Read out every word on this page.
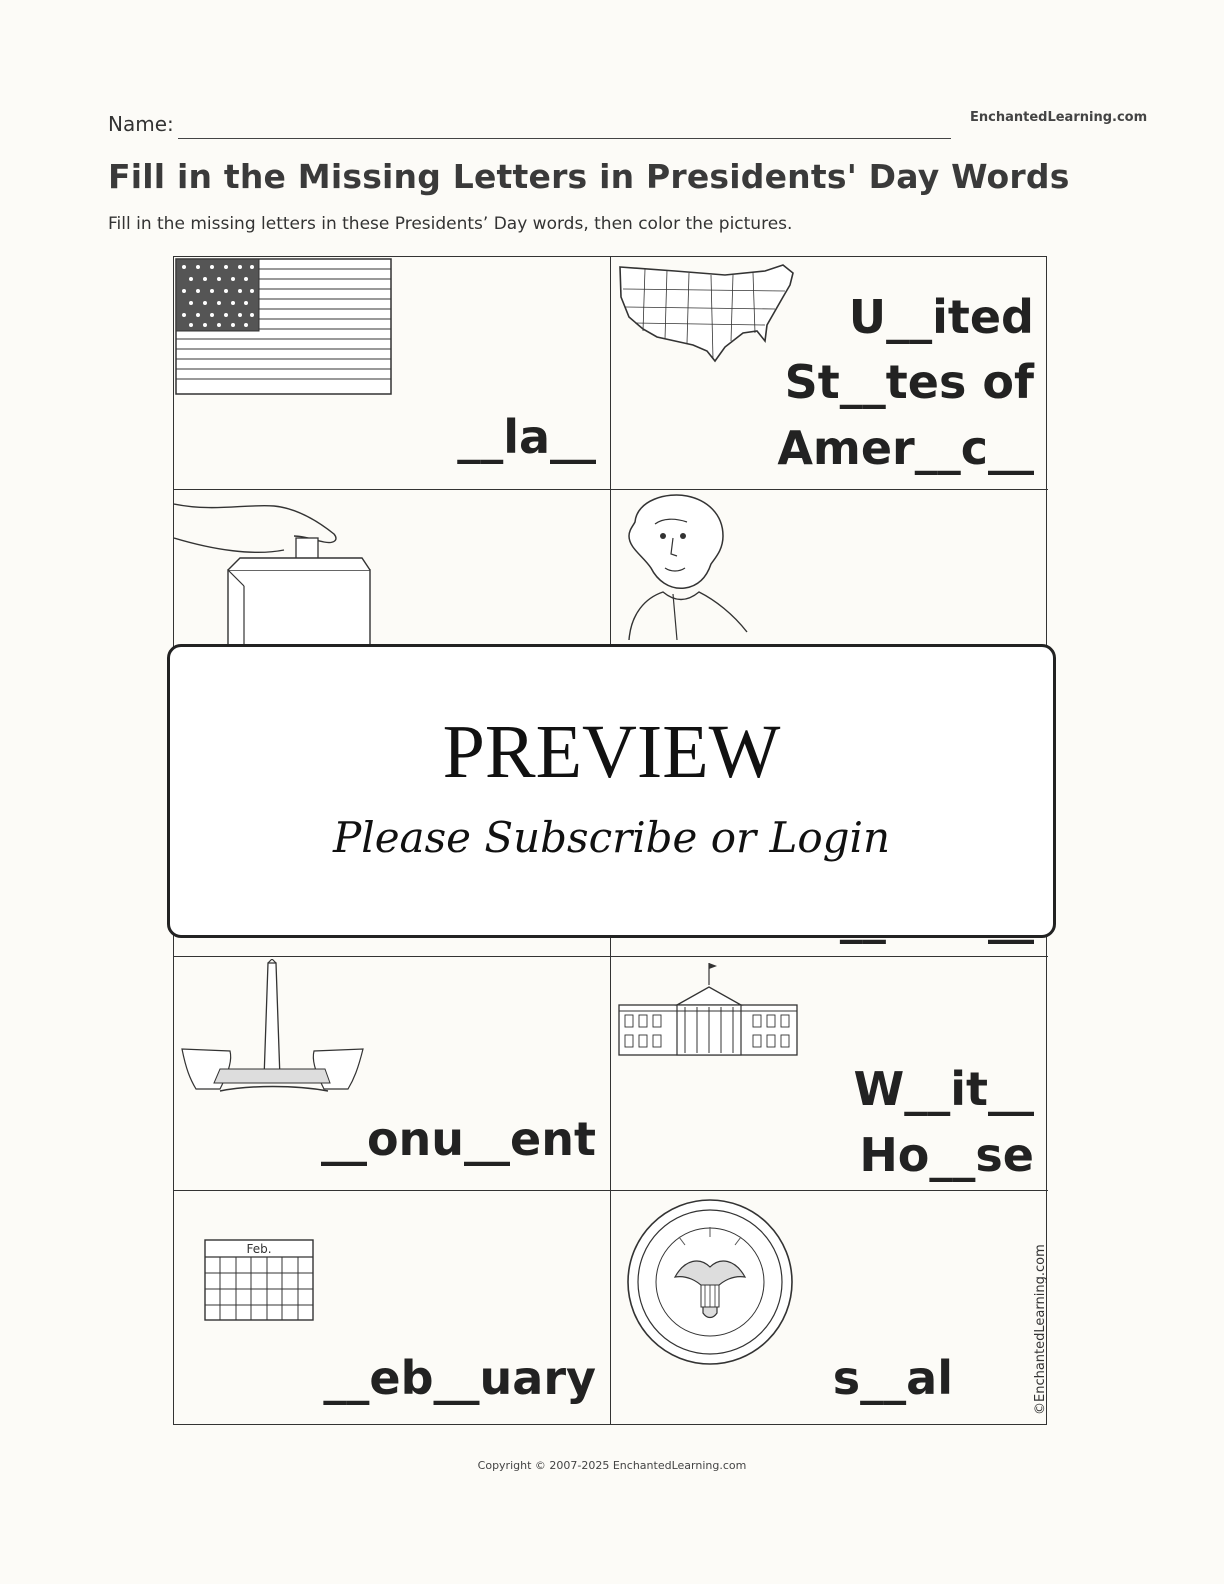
Name:	EnchantedLearning.com
Fill in the Missing Letters in Presidents' Day Words
Fill in the missing letters in these Presidents’ Day words, then color the pictures.
__la__
U__ited
St__tes of
Amer__c__
__onu__ent
W__it__
Ho__se
Feb.
__eb__uary	s__al
PREVIEW
Please Subscribe or Login
©EnchantedLearning.com
Copyright © 2007-2025 EnchantedLearning.com
